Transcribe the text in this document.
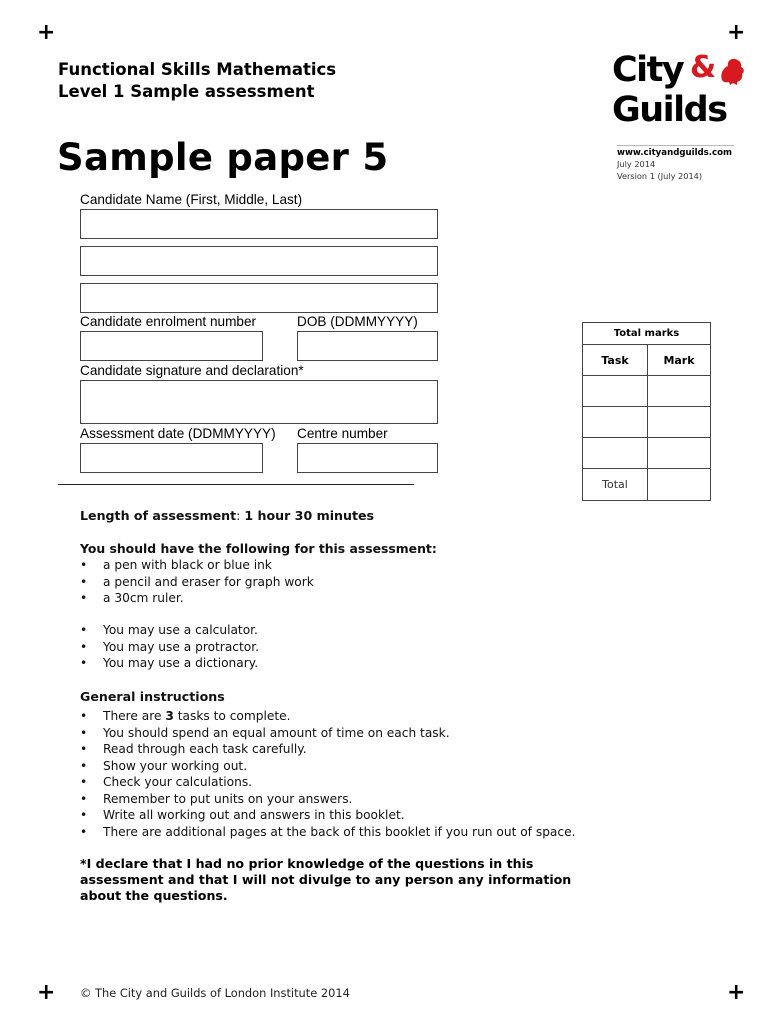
+	+
+	+
Functional Skills Mathematics
Level 1 Sample assessment
Sample paper 5
City &
Guilds
www.cityandguilds.com
July 2014
Version 1 (July 2014)
Candidate Name (First, Middle, Last)
Candidate enrolment number	DOB (DDMMYYYY)
Candidate signature and declaration*
Assessment date (DDMMYYYY) Centre number
Total marks	
Task	Mark

Total	
Length of assessment: 1 hour 30 minutes
You should have the following for this assessment:
• a pen with black or blue ink
• a pencil and eraser for graph work
• a 30cm ruler.
• You may use a calculator.
• You may use a protractor.
• You may use a dictionary.
General instructions
• There are 3 tasks to complete.
• You should spend an equal amount of time on each task.
• Read through each task carefully.
• Show your working out.
• Check your calculations.
• Remember to put units on your answers.
• Write all working out and answers in this booklet.
• There are additional pages at the back of this booklet if you run out of space.
*I declare that I had no prior knowledge of the questions in this assessment and that I will not divulge to any person any information about the questions.
© The City and Guilds of London Institute 2014
